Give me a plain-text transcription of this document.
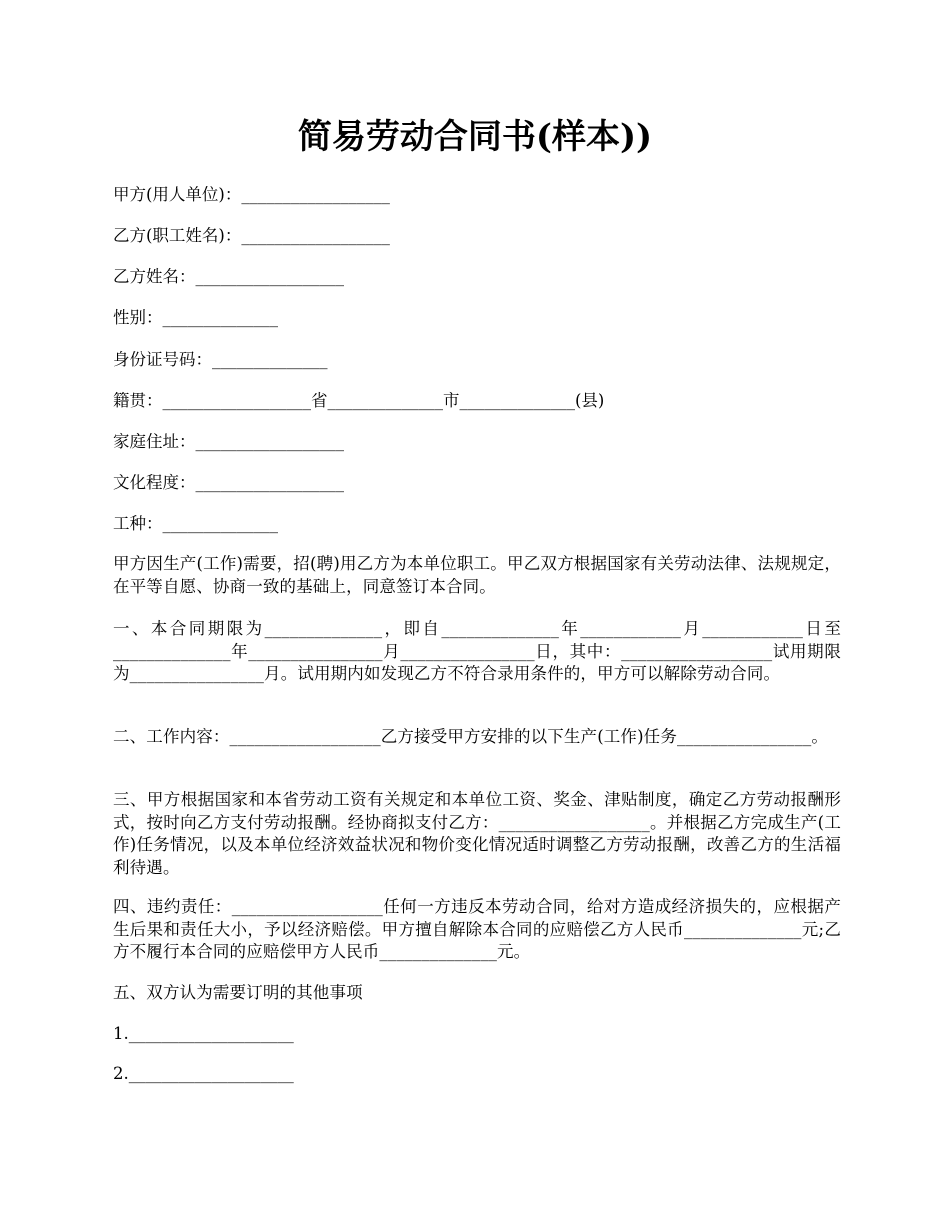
简易劳动合同书(样本))
甲方(用人单位)：__________________
乙方(职工姓名)：__________________
乙方姓名：__________________
性别：______________
身份证号码：______________
籍贯：__________________省______________市______________(县)
家庭住址：__________________
文化程度：__________________
工种：______________
甲方因生产(工作)需要，招(聘)用乙方为本单位职工。甲乙双方根据国家有关劳动法律、法规规定，在平等自愿、协商一致的基础上，同意签订本合同。
一、本合同期限为______________，即自______________年____________月____________日至______________年________________月________________日，其中：__________________试用期限为________________月。试用期内如发现乙方不符合录用条件的，甲方可以解除劳动合同。
二、工作内容：__________________乙方接受甲方安排的以下生产(工作)任务________________。
三、甲方根据国家和本省劳动工资有关规定和本单位工资、奖金、津贴制度，确定乙方劳动报酬形式，按时向乙方支付劳动报酬。经协商拟支付乙方：__________________。并根据乙方完成生产(工作)任务情况，以及本单位经济效益状况和物价变化情况适时调整乙方劳动报酬，改善乙方的生活福利待遇。
四、违约责任：__________________任何一方违反本劳动合同，给对方造成经济损失的，应根据产生后果和责任大小，予以经济赔偿。甲方擅自解除本合同的应赔偿乙方人民币______________元;乙方不履行本合同的应赔偿甲方人民币______________元。
五、双方认为需要订明的其他事项
1.____________________
2.____________________
